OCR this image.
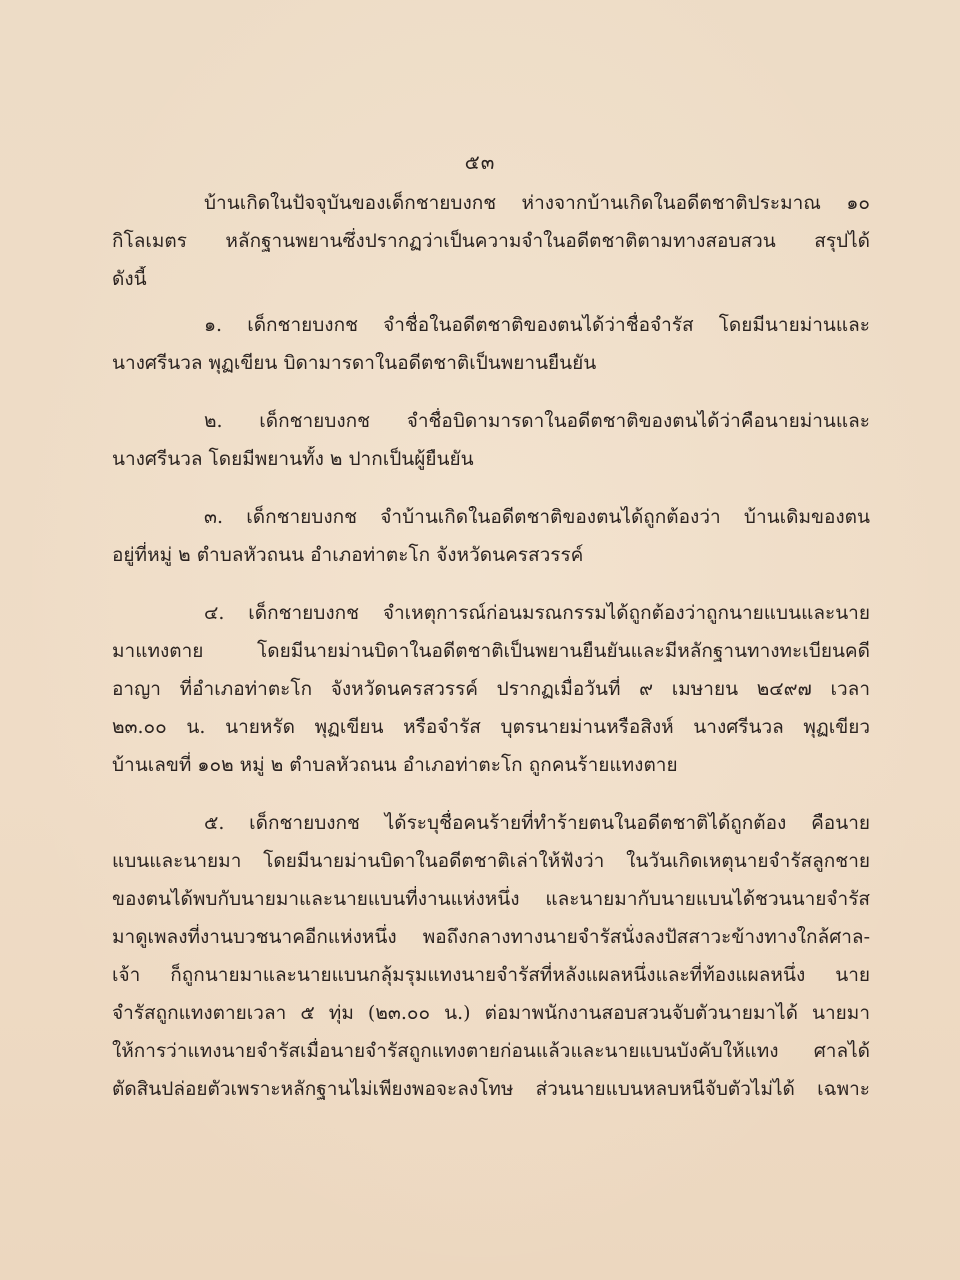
๕๓
บ้านเกิดในปัจจุบันของเด็กชายบงกช ห่างจากบ้านเกิดในอดีตชาติประมาณ ๑๐
กิโลเมตร หลักฐานพยานซึ่งปรากฏว่าเป็นความจำในอดีตชาติตามทางสอบสวน สรุปได้
ดังนี้
๑. เด็กชายบงกช จำชื่อในอดีตชาติของตนได้ว่าชื่อจำรัส โดยมีนายม่านและ
นางศรีนวล พุฏเขียน บิดามารดาในอดีตชาติเป็นพยานยืนยัน
๒. เด็กชายบงกช จำชื่อบิดามารดาในอดีตชาติของตนได้ว่าคือนายม่านและ
นางศรีนวล โดยมีพยานทั้ง ๒ ปากเป็นผู้ยืนยัน
๓. เด็กชายบงกช จำบ้านเกิดในอดีตชาติของตนได้ถูกต้องว่า บ้านเดิมของตน
อยู่ที่หมู่ ๒ ตำบลหัวถนน อำเภอท่าตะโก จังหวัดนครสวรรค์
๔. เด็กชายบงกช จำเหตุการณ์ก่อนมรณกรรมได้ถูกต้องว่าถูกนายแบนและนาย
มาแทงตาย โดยมีนายม่านบิดาในอดีตชาติเป็นพยานยืนยันและมีหลักฐานทางทะเบียนคดี
อาญา ที่อำเภอท่าตะโก จังหวัดนครสวรรค์ ปรากฏเมื่อวันที่ ๙ เมษายน ๒๔๙๗ เวลา
๒๓.๐๐ น. นายหรัด พุฏเขียน หรือจำรัส บุตรนายม่านหรือสิงห์ นางศรีนวล พุฏเขียว
บ้านเลขที่ ๑๐๒ หมู่ ๒ ตำบลหัวถนน อำเภอท่าตะโก ถูกคนร้ายแทงตาย
๕. เด็กชายบงกช ได้ระบุชื่อคนร้ายที่ทำร้ายตนในอดีตชาติได้ถูกต้อง คือนาย
แบนและนายมา โดยมีนายม่านบิดาในอดีตชาติเล่าให้ฟังว่า ในวันเกิดเหตุนายจำรัสลูกชาย
ของตนได้พบกับนายมาและนายแบนที่งานแห่งหนึ่ง และนายมากับนายแบนได้ชวนนายจำรัส
มาดูเพลงที่งานบวชนาคอีกแห่งหนึ่ง พอถึงกลางทางนายจำรัสนั่งลงปัสสาวะข้างทางใกล้ศาล-
เจ้า ก็ถูกนายมาและนายแบนกลุ้มรุมแทงนายจำรัสที่หลังแผลหนึ่งและที่ท้องแผลหนึ่ง นาย
จำรัสถูกแทงตายเวลา ๕ ทุ่ม (๒๓.๐๐ น.) ต่อมาพนักงานสอบสวนจับตัวนายมาได้ นายมา
ให้การว่าแทงนายจำรัสเมื่อนายจำรัสถูกแทงตายก่อนแล้วและนายแบนบังคับให้แทง ศาลได้
ตัดสินปล่อยตัวเพราะหลักฐานไม่เพียงพอจะลงโทษ ส่วนนายแบนหลบหนีจับตัวไม่ได้ เฉพาะ
